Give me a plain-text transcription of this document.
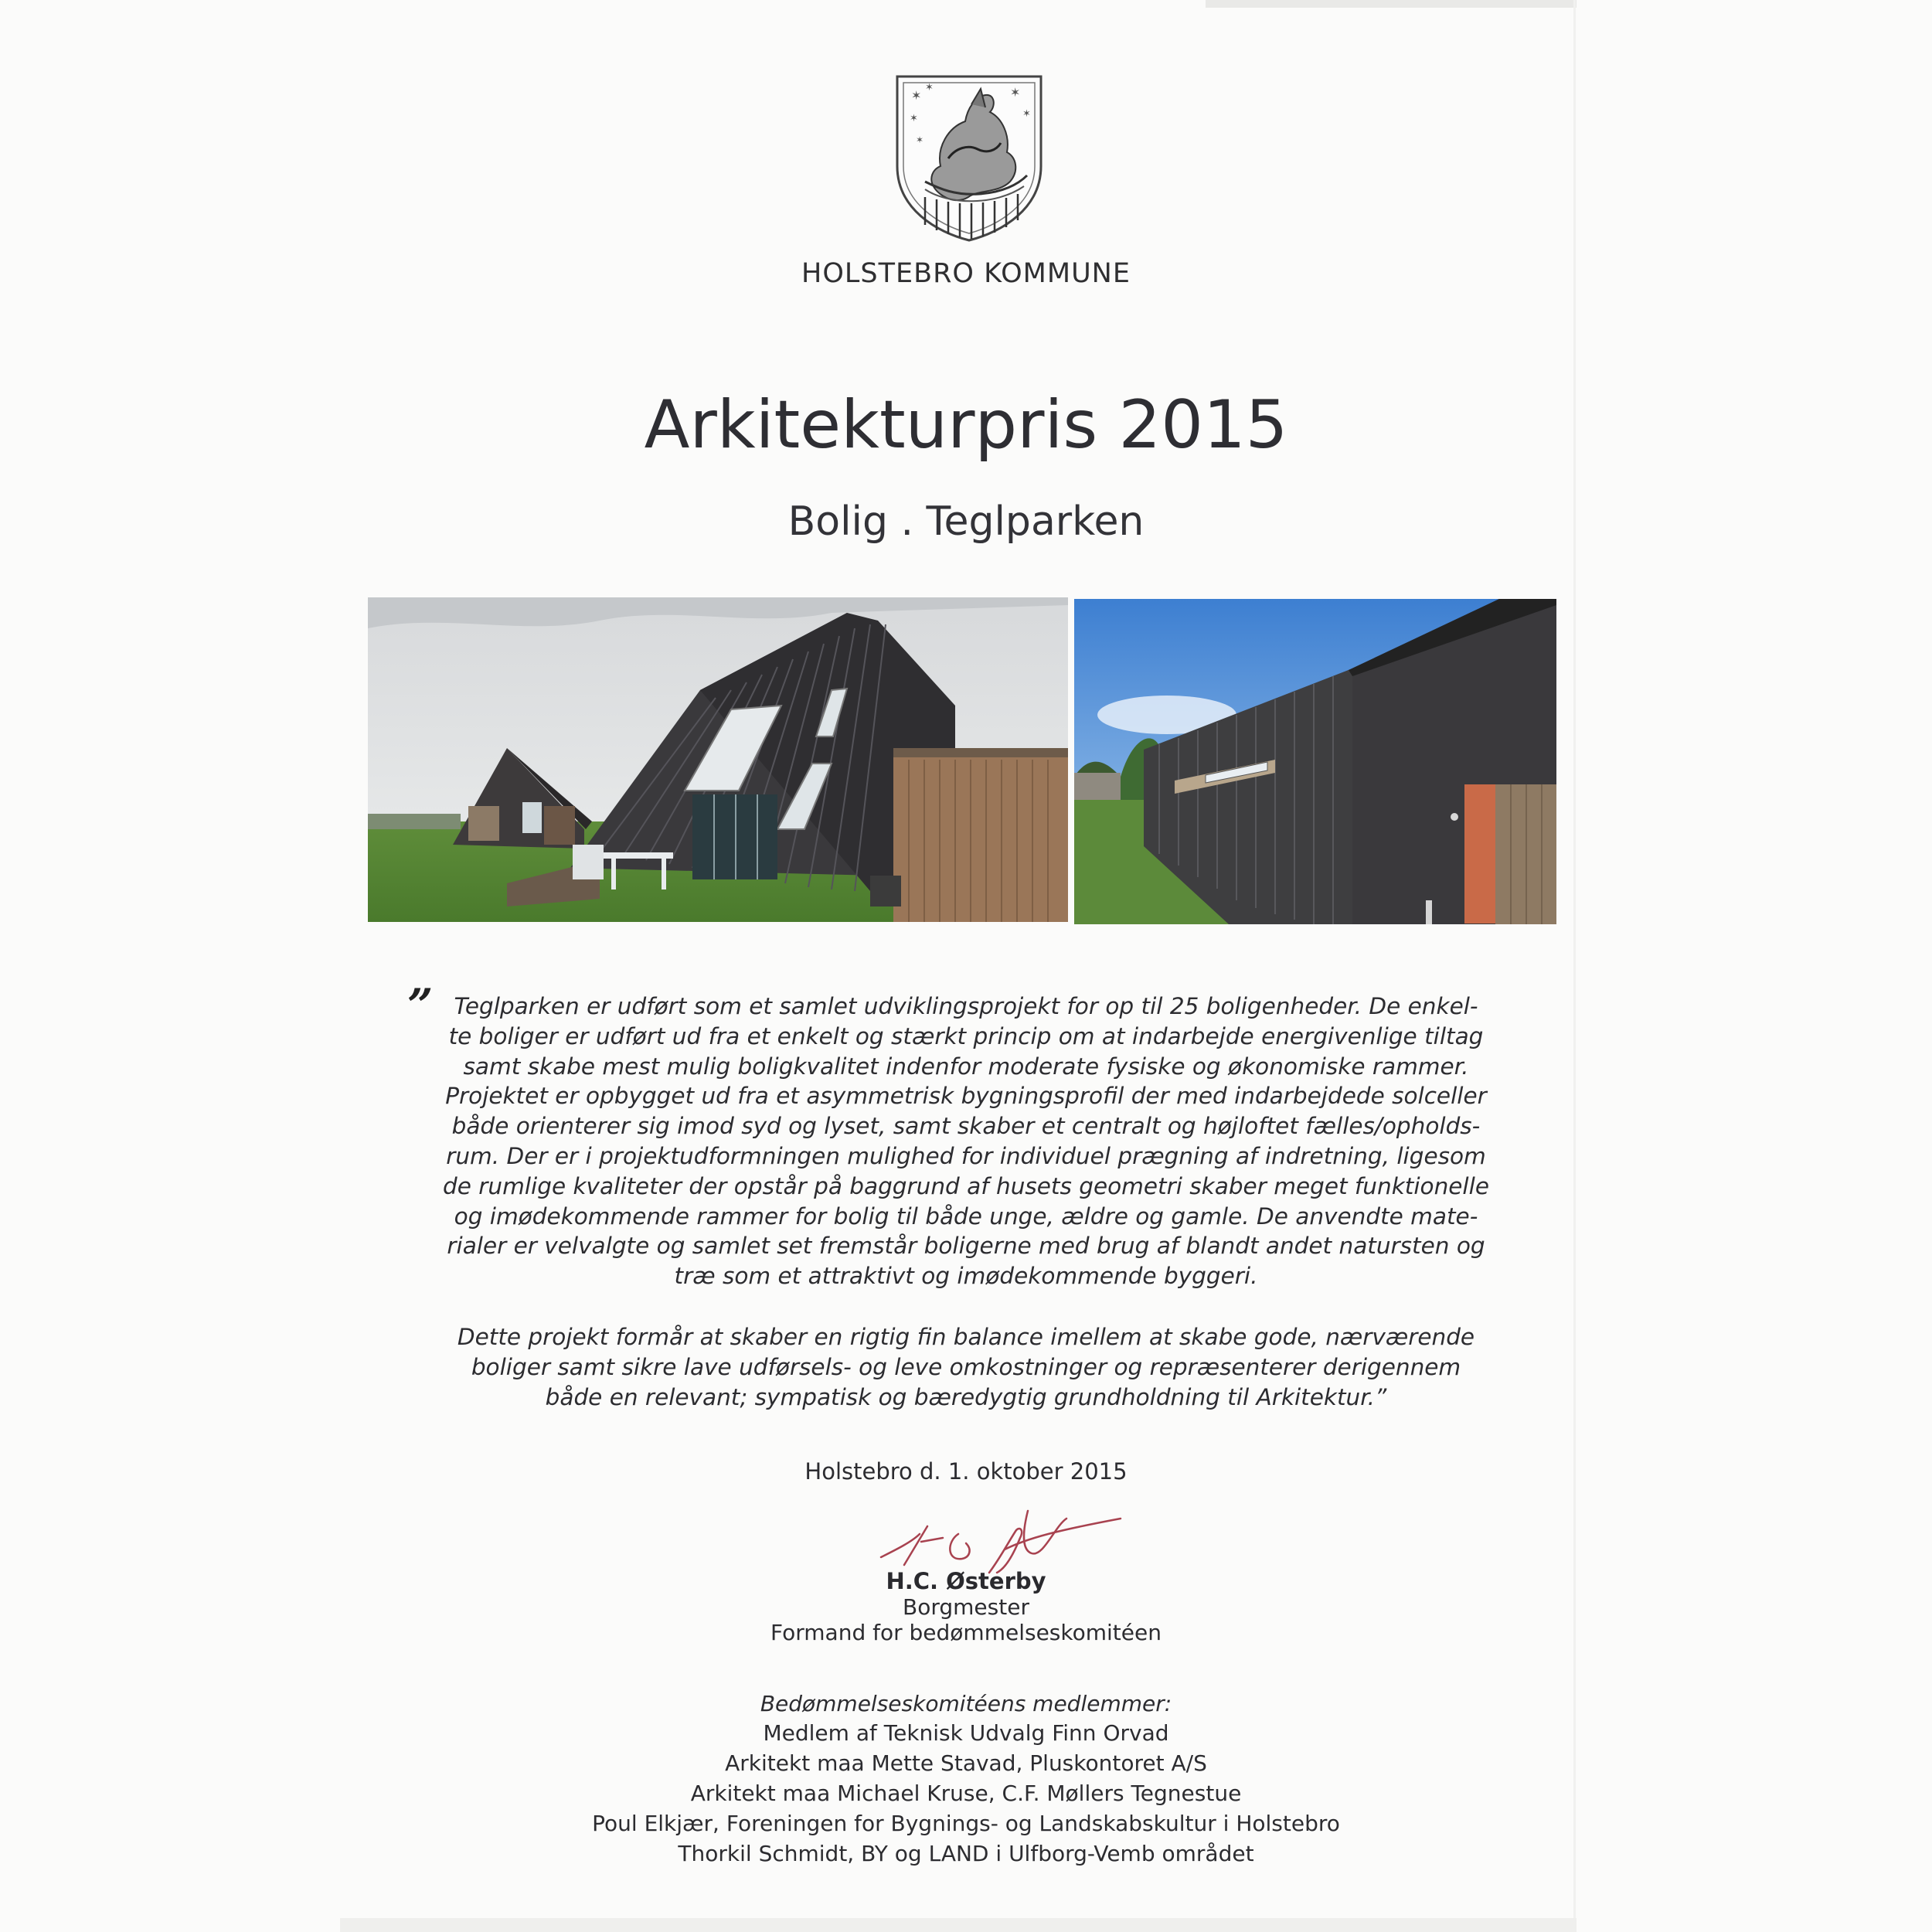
✶
✶
✶
✶
✶
✶
HOLSTEBRO KOMMUNE
Arkitekturpris 2015
Bolig . Teglparken
” Teglparken er udført som et samlet udviklingsprojekt for op til 25 boligenheder. De enkel-
te boliger er udført ud fra et enkelt og stærkt princip om at indarbejde energivenlige tiltag
samt skabe mest mulig boligkvalitet indenfor moderate fysiske og økonomiske rammer.
Projektet er opbygget ud fra et asymmetrisk bygningsprofil der med indarbejdede solceller
både orienterer sig imod syd og lyset, samt skaber et centralt og højloftet fælles/opholds-
rum. Der er i projektudformningen mulighed for individuel prægning af indretning, ligesom
de rumlige kvaliteter der opstår på baggrund af husets geometri skaber meget funktionelle
og imødekommende rammer for bolig til både unge, ældre og gamle. De anvendte mate-
rialer er velvalgte og samlet set fremstår boligerne med brug af blandt andet natursten og
træ som et attraktivt og imødekommende byggeri.
Dette projekt formår at skaber en rigtig fin balance imellem at skabe gode, nærværende
boliger samt sikre lave udførsels- og leve omkostninger og repræsenterer derigennem
både en relevant; sympatisk og bæredygtig grundholdning til Arkitektur.”
Holstebro d. 1. oktober 2015
H.C. Østerby
Borgmester
Formand for bedømmelseskomitéen
Bedømmelseskomitéens medlemmer:
Medlem af Teknisk Udvalg Finn Orvad
Arkitekt maa Mette Stavad, Pluskontoret A/S
Arkitekt maa Michael Kruse, C.F. Møllers Tegnestue
Poul Elkjær, Foreningen for Bygnings- og Landskabskultur i Holstebro
Thorkil Schmidt, BY og LAND i Ulfborg-Vemb området
